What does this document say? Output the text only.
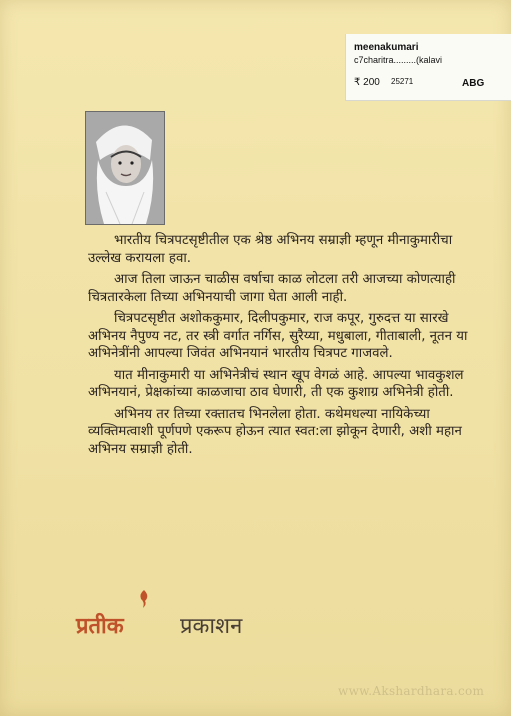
meenakumari
c7charitra.........(kalavi
₹ 200 25271	ABG

भारतीय चित्रपटसृष्टीतील एक श्रेष्ठ अभिनय सम्राज्ञी म्हणून मीनाकुमारीचा उल्लेख करायला हवा.

आज तिला जाऊन चाळीस वर्षाचा काळ लोटला तरी आजच्या कोणत्याही चित्रतारकेला तिच्या अभिनयाची जागा घेता आली नाही.

चित्रपटसृष्टीत अशोककुमार, दिलीपकुमार, राज कपूर, गुरुदत्त या सारखे अभिनय नैपुण्य नट, तर स्त्री वर्गात नर्गिस, सुरैय्या, मधुबाला, गीताबाली, नूतन या अभिनेत्रींनी आपल्या जिवंत अभिनयानं भारतीय चित्रपट गाजवले.

यात मीनाकुमारी या अभिनेत्रीचं स्थान खूप वेगळं आहे. आपल्या भावकुशल अभिनयानं, प्रेक्षकांच्या काळजाचा ठाव घेणारी, ती एक कुशाग्र अभिनेत्री होती.

अभिनय तर तिच्या रक्तातच भिनलेला होता. कथेमधल्या नायिकेच्या व्यक्तिमत्वाशी पूर्णपणे एकरूप होऊन त्यात स्वत:ला झोकून देणारी, अशी महान अभिनय सम्राज्ञी होती.

प्रतीक	प्रकाशन
www.Akshardhara.com
